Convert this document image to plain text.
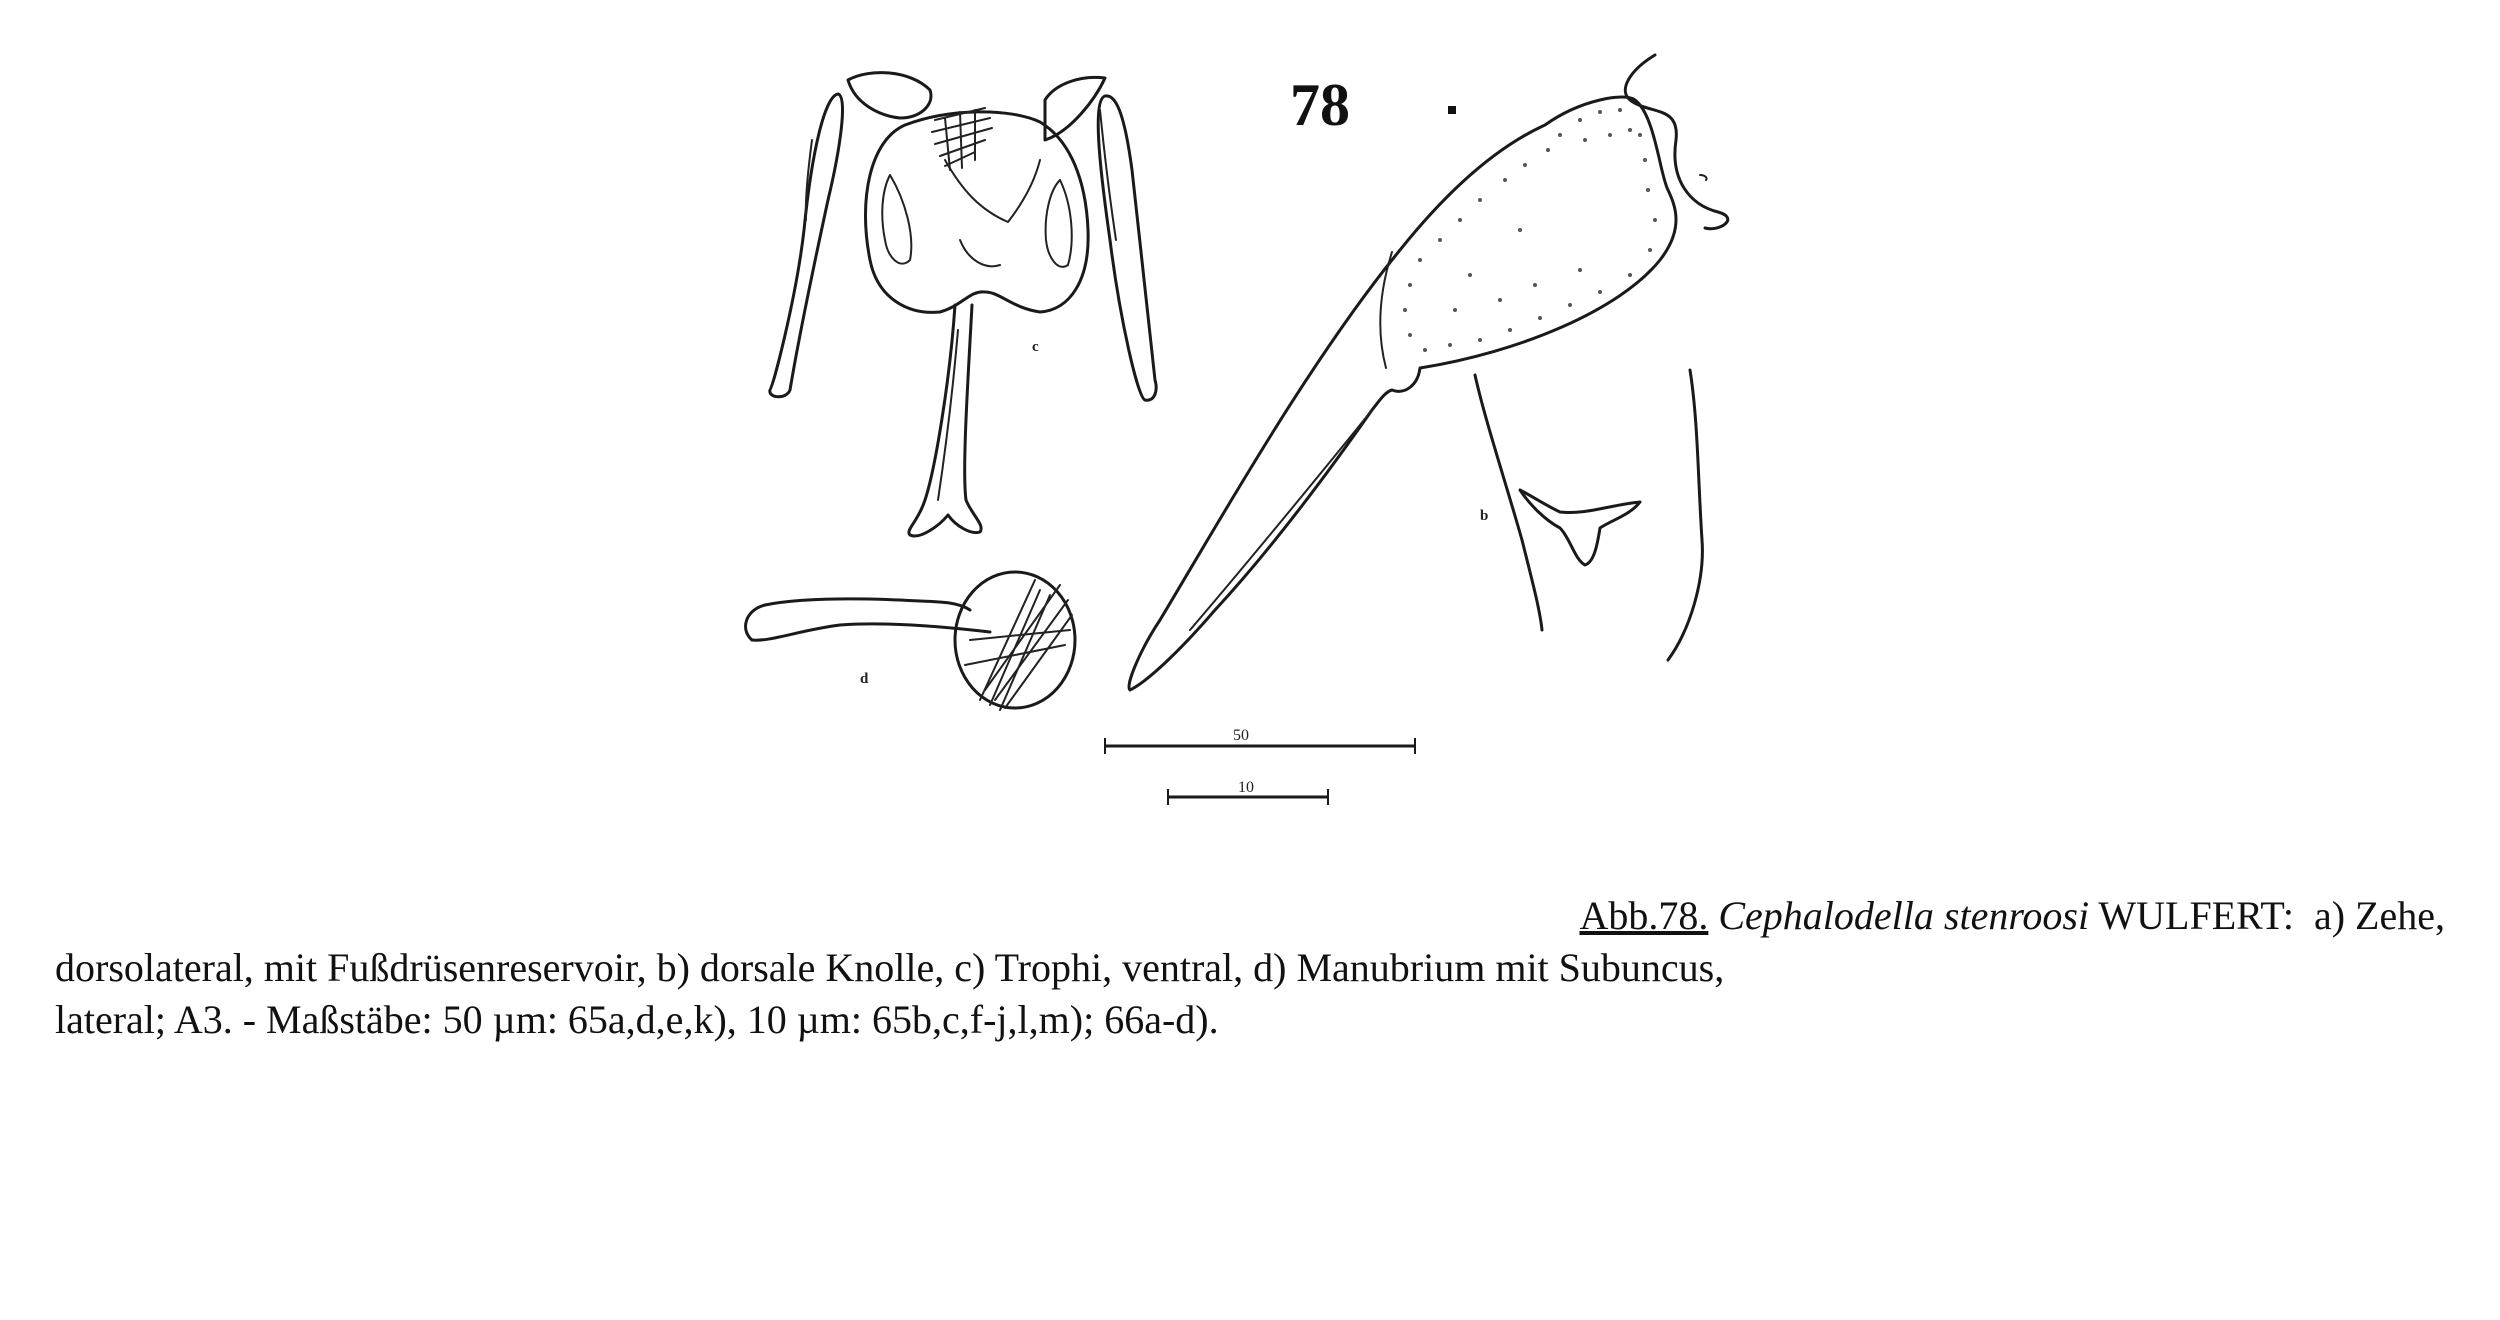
78
c
b
d
50
10
Abb.78. Cephalodella stenroosi WULFERT: a) Zehe,
dorsolateral, mit Fußdrüsenreservoir, b) dorsale Knolle, c) Trophi, ventral, d) Manubrium mit Subuncus,
lateral; A3. - Maßstäbe: 50 µm: 65a,d,e,k), 10 µm: 65b,c,f-j,l,m); 66a-d).
